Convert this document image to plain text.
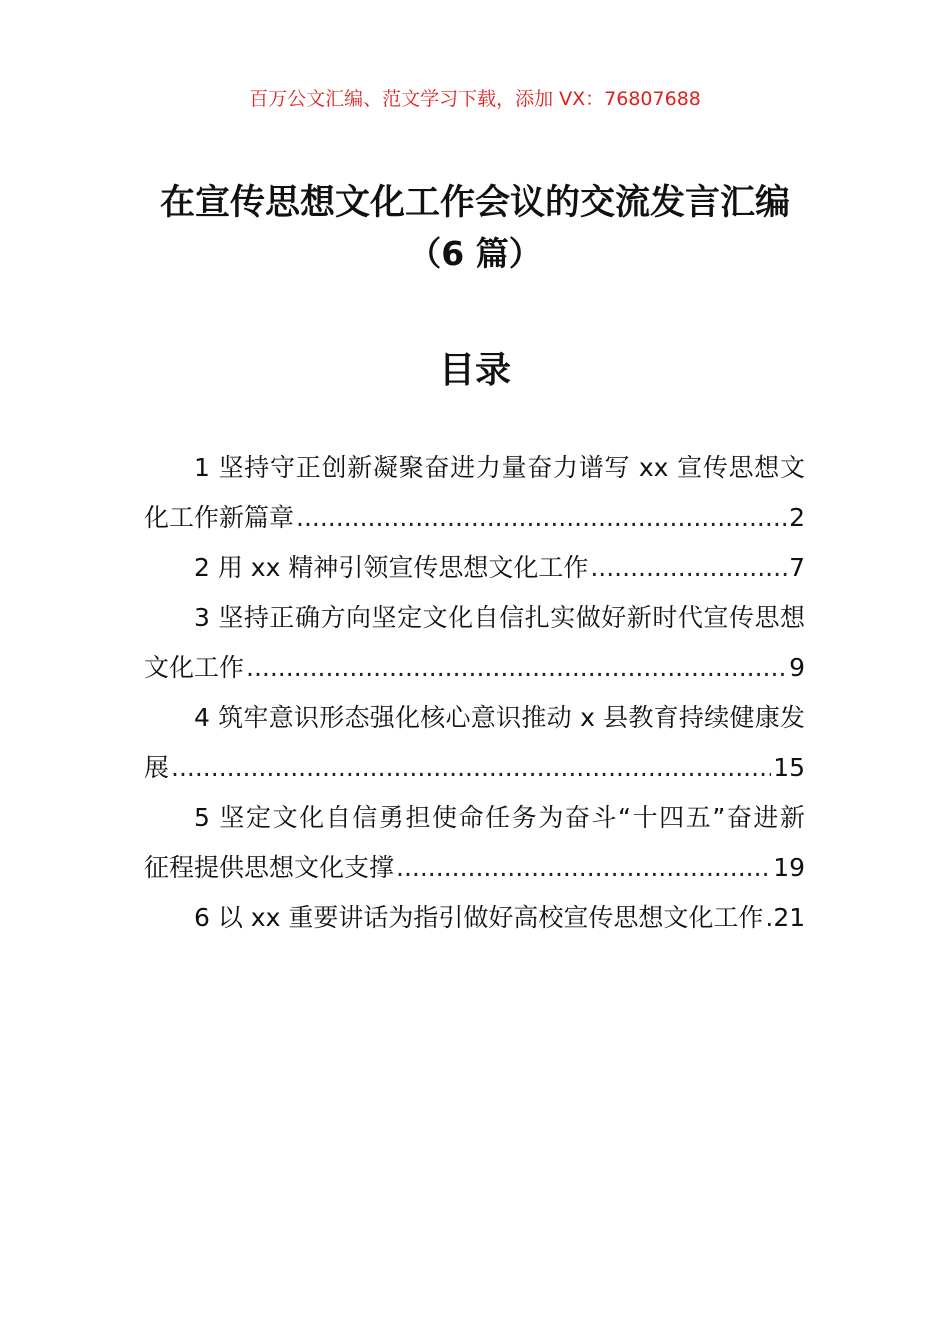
百万公文汇编、范文学习下载，添加 VX：76807688
在宣传思想文化工作会议的交流发言汇编
（6 篇）
目录
1 坚持守正创新凝聚奋进力量奋力谱写 xx 宣传思想文
化工作新篇章 .....	2
2 用 xx 精神引领宣传思想文化工作 .....	7
3 坚持正确方向坚定文化自信扎实做好新时代宣传思想
文化工作 .....	9
4 筑牢意识形态强化核心意识推动 x 县教育持续健康发
展 .....	15
5 坚定文化自信勇担使命任务为奋斗“十四五”奋进新
征程提供思想文化支撑 .....	19
6 以 xx 重要讲话为指引做好高校宣传思想文化工作 ..... 21
